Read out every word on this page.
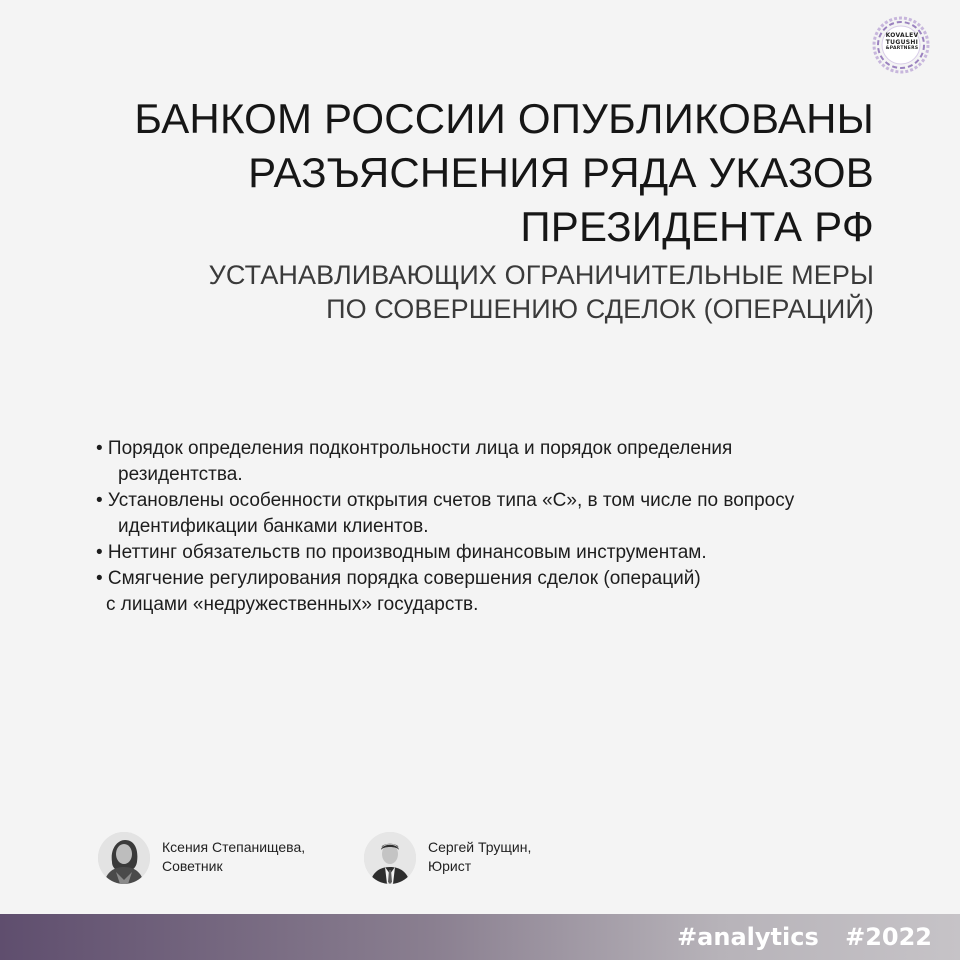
KOVALEV
TUGUSHI
&PARTNERS
БАНКОМ РОССИИ ОПУБЛИКОВАНЫ
РАЗЪЯСНЕНИЯ РЯДА УКАЗОВ
ПРЕЗИДЕНТА РФ
УСТАНАВЛИВАЮЩИХ ОГРАНИЧИТЕЛЬНЫЕ МЕРЫ
ПО СОВЕРШЕНИЮ СДЕЛОК (ОПЕРАЦИЙ)
• Порядок определения подконтрольности лица и порядок определения
резидентства.
• Установлены особенности открытия счетов типа «С», в том числе по вопросу
идентификации банками клиентов.
• Неттинг обязательств по производным финансовым инструментам.
• Смягчение регулирования порядка совершения сделок (операций)
с лицами «недружественных» государств.
Ксения Степанищева,
Советник
Сергей Трущин,
Юрист
#analytics #2022
